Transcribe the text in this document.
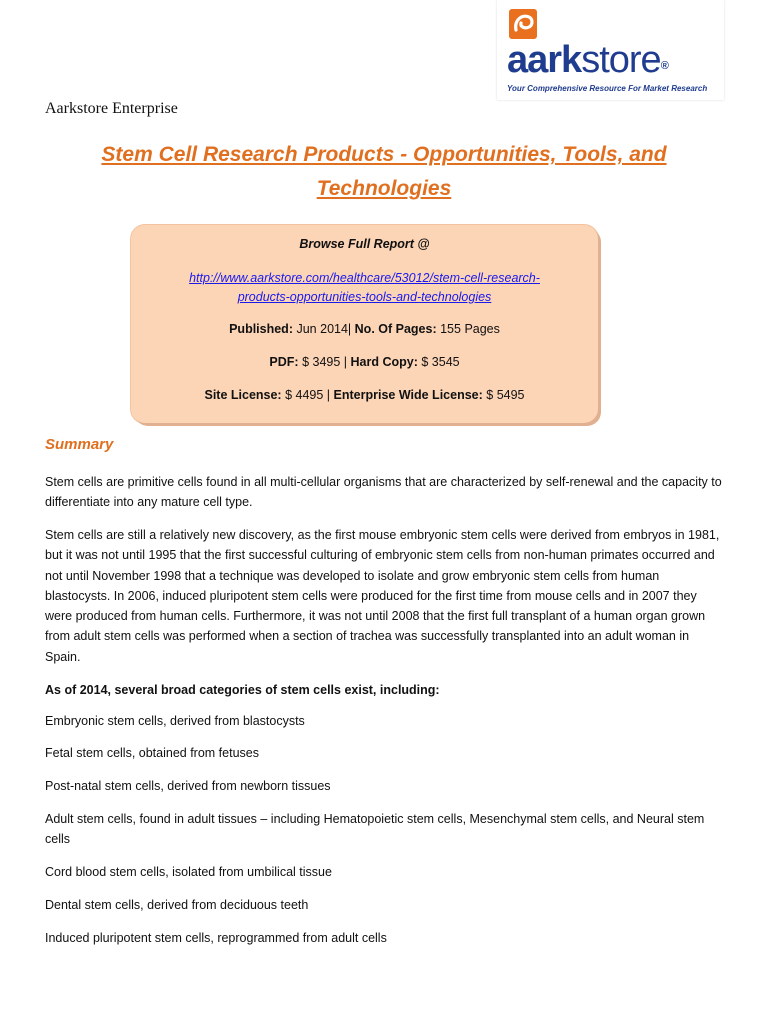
aarkstore®
Your Comprehensive Resource For Market Research
Aarkstore Enterprise
Stem Cell Research Products - Opportunities, Tools, and Technologies
Browse Full Report @
http://www.aarkstore.com/healthcare/53012/stem-cell-research-
products-opportunities-tools-and-technologies
Published: Jun 2014| No. Of Pages: 155 Pages
PDF: $ 3495 | Hard Copy: $ 3545
Site License: $ 4495 | Enterprise Wide License: $ 5495
Summary
Stem cells are primitive cells found in all multi-cellular organisms that are characterized by self-renewal and the capacity to differentiate into any mature cell type.
Stem cells are still a relatively new discovery, as the first mouse embryonic stem cells were derived from embryos in 1981, but it was not until 1995 that the first successful culturing of embryonic stem cells from non-human primates occurred and not until November 1998 that a technique was developed to isolate and grow embryonic stem cells from human blastocysts. In 2006, induced pluripotent stem cells were produced for the first time from mouse cells and in 2007 they were produced from human cells. Furthermore, it was not until 2008 that the first full transplant of a human organ grown from adult stem cells was performed when a section of trachea was successfully transplanted into an adult woman in Spain.
As of 2014, several broad categories of stem cells exist, including:
Embryonic stem cells, derived from blastocysts
Fetal stem cells, obtained from fetuses
Post-natal stem cells, derived from newborn tissues
Adult stem cells, found in adult tissues – including Hematopoietic stem cells, Mesenchymal stem cells, and Neural stem cells
Cord blood stem cells, isolated from umbilical tissue
Dental stem cells, derived from deciduous teeth
Induced pluripotent stem cells, reprogrammed from adult cells
